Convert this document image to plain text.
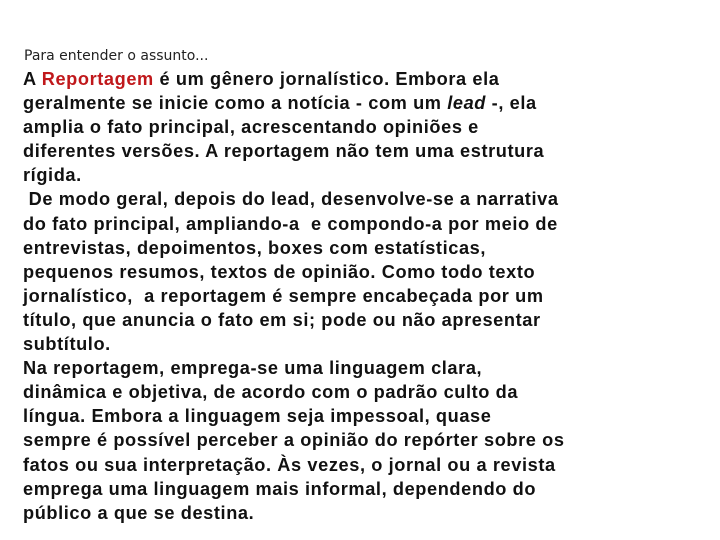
Para entender o assunto...
A Reportagem é um gênero jornalístico. Embora ela
geralmente se inicie como a notícia - com um lead -, ela
amplia o fato principal, acrescentando opiniões e
diferentes versões. A reportagem não tem uma estrutura
rígida.
De modo geral, depois do lead, desenvolve-se a narrativa
do fato principal, ampliando-a  e compondo-a por meio de
entrevistas, depoimentos, boxes com estatísticas,
pequenos resumos, textos de opinião. Como todo texto
jornalístico,  a reportagem é sempre encabeçada por um
título, que anuncia o fato em si; pode ou não apresentar
subtítulo.
Na reportagem, emprega-se uma linguagem clara,
dinâmica e objetiva, de acordo com o padrão culto da
língua. Embora a linguagem seja impessoal, quase
sempre é possível perceber a opinião do repórter sobre os
fatos ou sua interpretação. Às vezes, o jornal ou a revista
emprega uma linguagem mais informal, dependendo do
público a que se destina.
